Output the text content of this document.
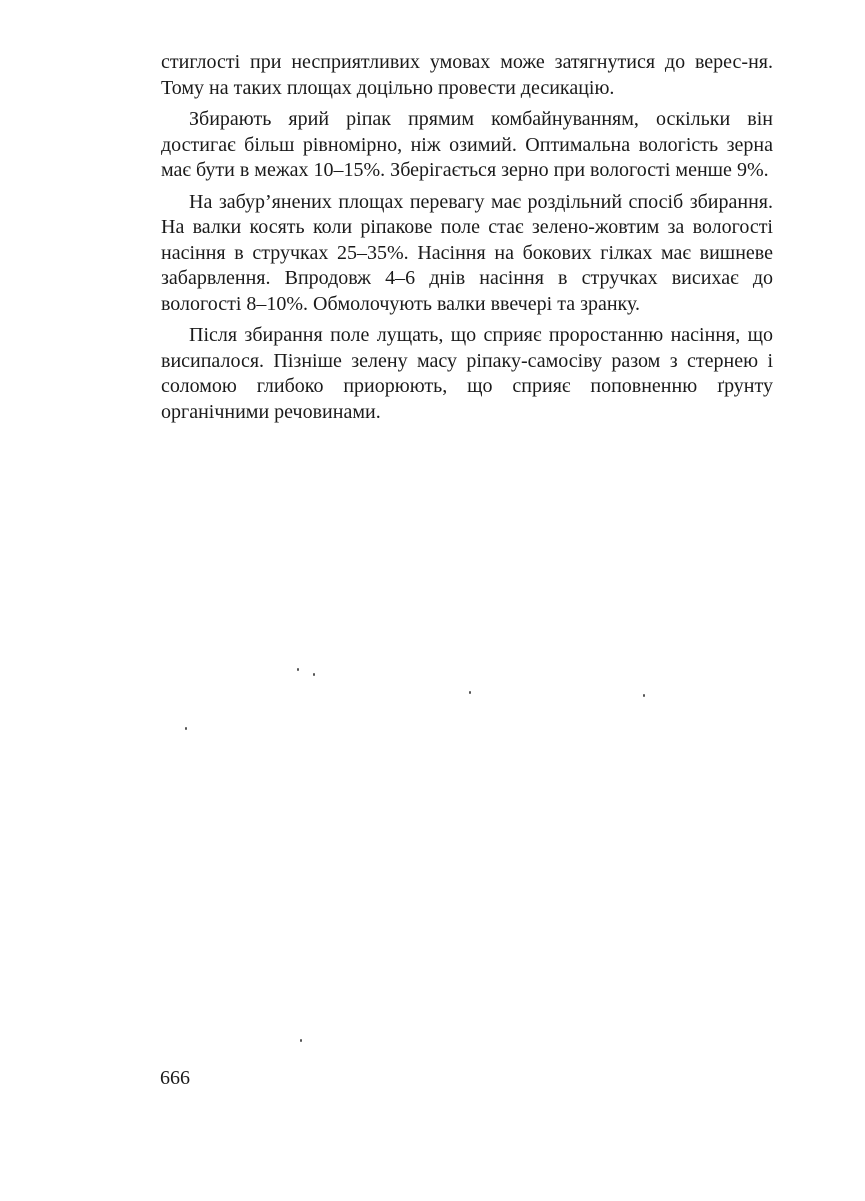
стиглості при несприятливих умовах може затягнутися до верес-ня. Тому на таких площах доцільно провести десикацію.

Збирають ярий ріпак прямим комбайнуванням, оскільки він достигає більш рівномірно, ніж озимий. Оптимальна вологість зерна має бути в межах 10–15%. Зберігається зерно при вологості менше 9%.

На забур’янених площах перевагу має роздільний спосіб збирання. На валки косять коли ріпакове поле стає зелено-жовтим за вологості насіння в стручках 25–35%. Насіння на бокових гілках має вишневе забарвлення. Впродовж 4–6 днів насіння в стручках висихає до вологості 8–10%. Обмолочують валки ввечері та зранку.

Після збирання поле лущать, що сприяє проростанню насіння, що висипалося. Пізніше зелену масу ріпаку-самосіву разом з стернею і соломою глибоко приорюють, що сприяє поповненню ґрунту органічними речовинами.

666
